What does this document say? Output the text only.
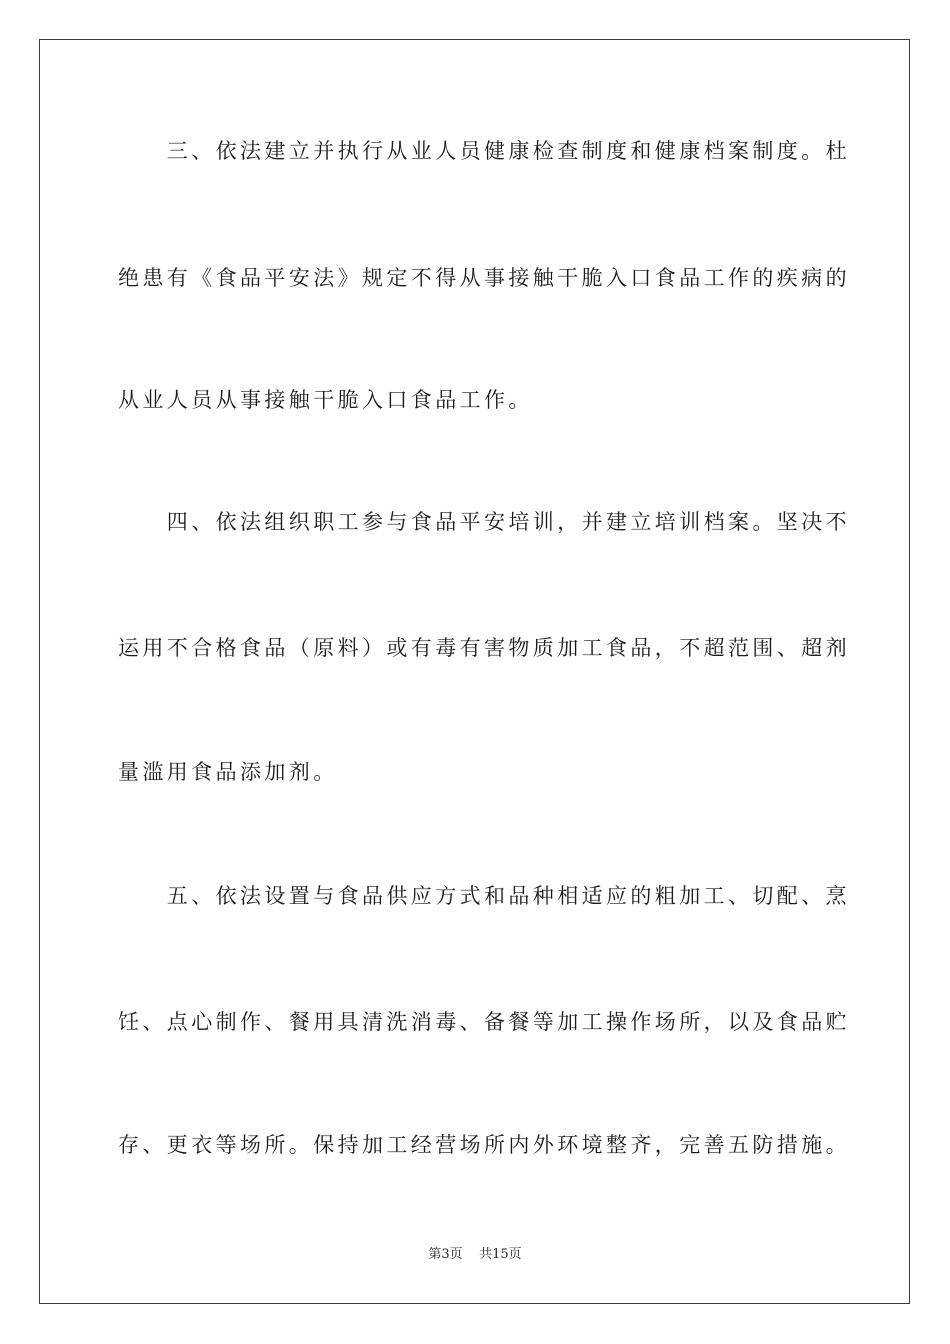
　　三、依法建立并执行从业人员健康检查制度和健康档案制度。杜
绝患有《食品平安法》规定不得从事接触干脆入口食品工作的疾病的
从业人员从事接触干脆入口食品工作。
　　四、依法组织职工参与食品平安培训，并建立培训档案。坚决不
运用不合格食品（原料）或有毒有害物质加工食品，不超范围、超剂
量滥用食品添加剂。
　　五、依法设置与食品供应方式和品种相适应的粗加工、切配、烹
饪、点心制作、餐用具清洗消毒、备餐等加工操作场所，以及食品贮
存、更衣等场所。保持加工经营场所内外环境整齐，完善五防措施。
第3页 共15页
